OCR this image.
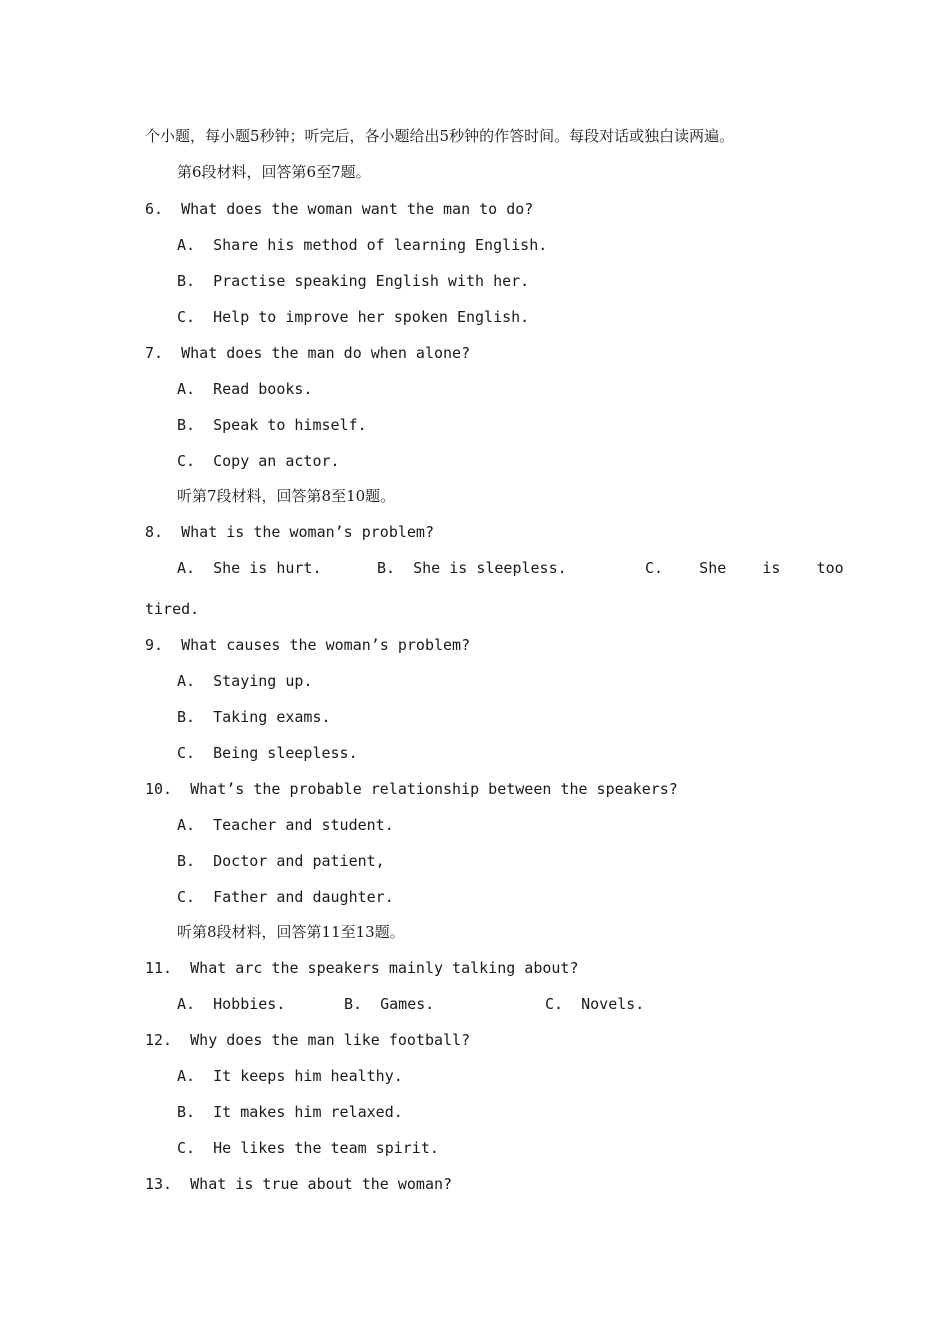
个小题，每小题5秒钟；听完后，各小题给出5秒钟的作答时间。每段对话或独白读两遍。
第6段材料，回答第6至7题。
6.  What does the woman want the man to do?
A.  Share his method of learning English.
B.  Practise speaking English with her.
C.  Help to improve her spoken English.
7.  What does the man do when alone?
A.  Read books.
B.  Speak to himself.
C.  Copy an actor.
听第7段材料，回答第8至10题。
8.  What is the woman’s problem?
A.  She is hurt.	B.  She is sleepless.	C.    She    is    too
tired.
9.  What causes the woman’s problem?
A.  Staying up.
B.  Taking exams.
C.  Being sleepless.
10.  What’s the probable relationship between the speakers?
A.  Teacher and student.
B.  Doctor and patient,
C.  Father and daughter.
听第8段材料，回答第11至13题。
11.  What arc the speakers mainly talking about?
A.  Hobbies.	B.  Games.	C.  Novels.
12.  Why does the man like football?
A.  It keeps him healthy.
B.  It makes him relaxed.
C.  He likes the team spirit.
13.  What is true about the woman?
